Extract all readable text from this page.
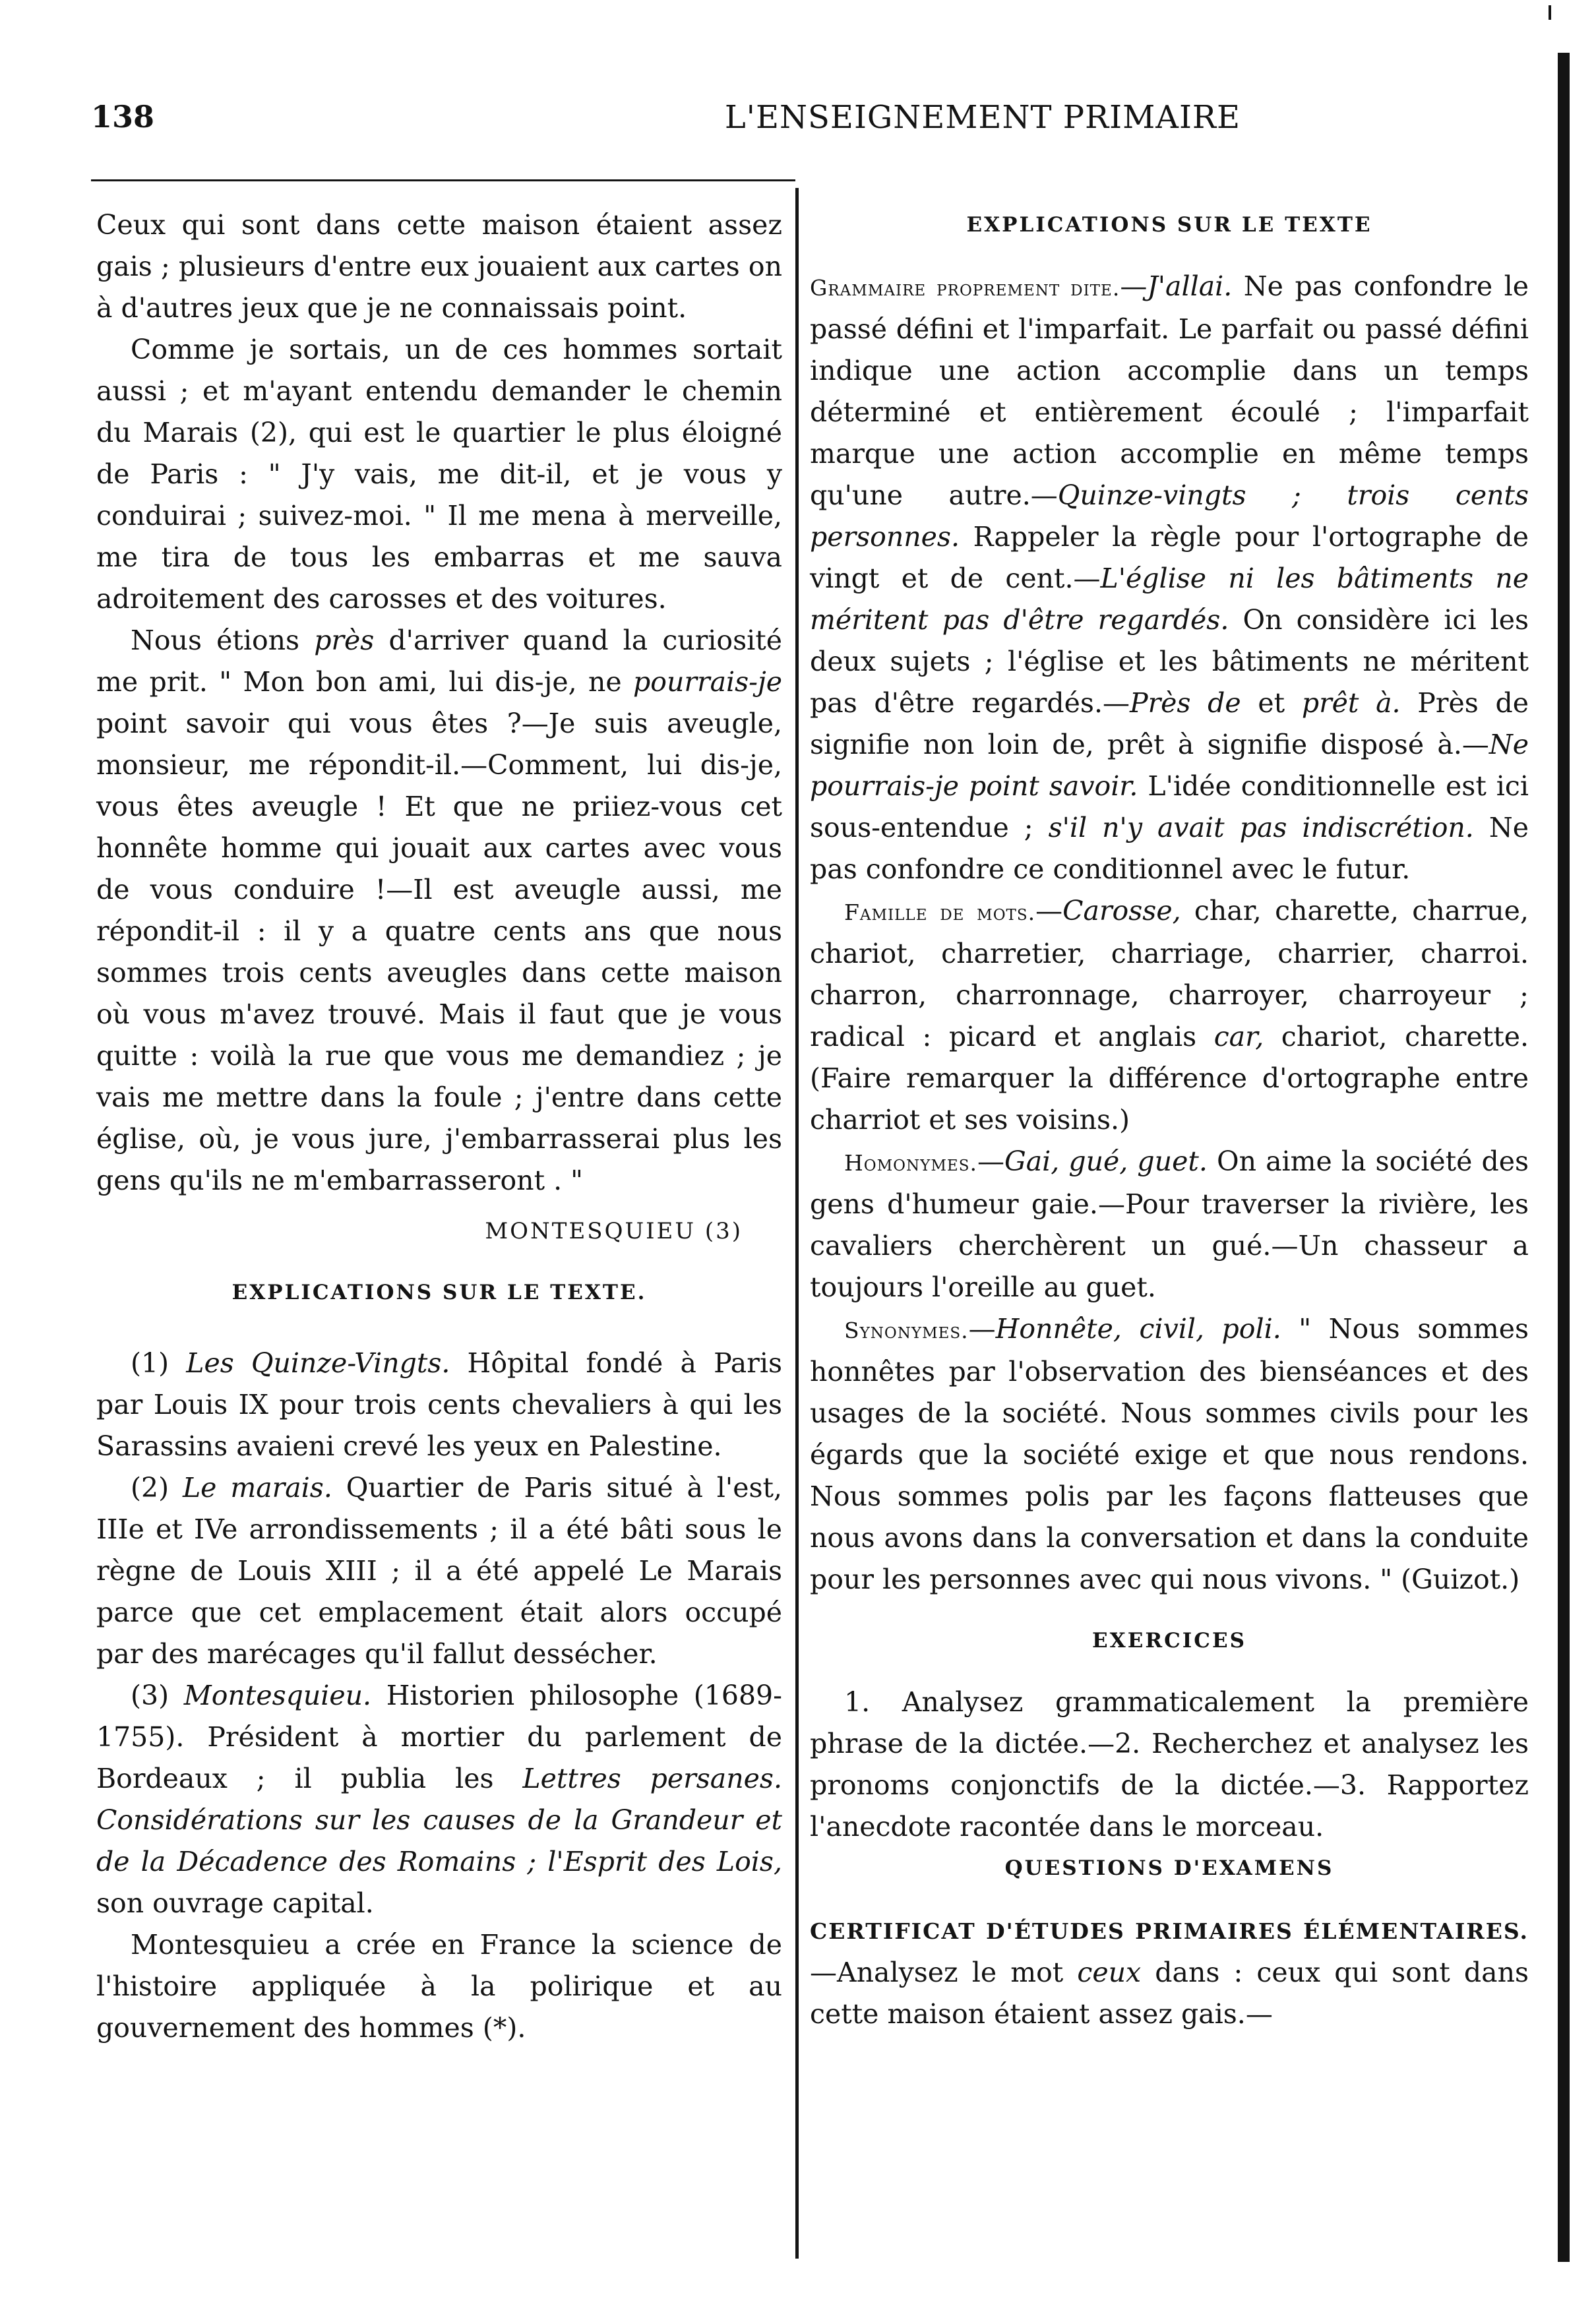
138	L'ENSEIGNEMENT PRIMAIRE

Ceux qui sont dans cette maison étaient assez gais ; plusieurs d'entre eux jouaient aux cartes on à d'autres jeux que je ne connaissais point.

Comme je sortais, un de ces hommes sortait aussi ; et m'ayant entendu demander le chemin du Marais (2), qui est le quartier le plus éloigné de Paris : " J'y vais, me dit-il, et je vous y conduirai ; suivez-moi. " Il me mena à merveille, me tira de tous les embarras et me sauva adroitement des carosses et des voitures.

Nous étions près d'arriver quand la curiosité me prit. " Mon bon ami, lui dis-je, ne pourrais-je point savoir qui vous êtes ?—Je suis aveugle, monsieur, me répondit-il.—Comment, lui dis-je, vous êtes aveugle ! Et que ne priiez-vous cet honnête homme qui jouait aux cartes avec vous de vous conduire !—Il est aveugle aussi, me répondit-il : il y a quatre cents ans que nous sommes trois cents aveugles dans cette maison où vous m'avez trouvé. Mais il faut que je vous quitte : voilà la rue que vous me demandiez ; je vais me mettre dans la foule ; j'entre dans cette église, où, je vous jure, j'embarrasserai plus les gens qu'ils ne m'embarrasseront . "

MONTESQUIEU (3)

EXPLICATIONS SUR LE TEXTE.

(1) Les Quinze-Vingts. Hôpital fondé à Paris par Louis IX pour trois cents chevaliers à qui les Sarassins avaieni crevé les yeux en Palestine.

(2) Le marais. Quartier de Paris situé à l'est, IIIe et IVe arrondissements ; il a été bâti sous le règne de Louis XIII ; il a été appelé Le Marais parce que cet emplacement était alors occupé par des marécages qu'il fallut dessécher.

(3) Montesquieu. Historien philosophe (1689-1755). Président à mortier du parlement de Bordeaux ; il publia les Lettres persanes. Considérations sur les causes de la Grandeur et de la Décadence des Romains ; l'Esprit des Lois, son ouvrage capital.

Montesquieu a crée en France la science de l'histoire appliquée à la polirique et au gouvernement des hommes (*).

EXPLICATIONS SUR LE TEXTE

Grammaire proprement dite.—J'allai. Ne pas confondre le passé défini et l'imparfait. Le parfait ou passé défini indique une action accomplie dans un temps déterminé et entièrement écoulé ; l'imparfait marque une action accomplie en même temps qu'une autre.—Quinze-vingts ; trois cents personnes. Rappeler la règle pour l'ortographe de vingt et de cent.—L'église ni les bâtiments ne méritent pas d'être regardés. On considère ici les deux sujets ; l'église et les bâtiments ne méritent pas d'être regardés.—Près de et prêt à. Près de signifie non loin de, prêt à signifie disposé à.—Ne pourrais-je point savoir. L'idée conditionnelle est ici sous-entendue ; s'il n'y avait pas indiscrétion. Ne pas confondre ce conditionnel avec le futur.

Famille de mots.—Carosse, char, charette, charrue, chariot, charretier, charriage, charrier, charroi. charron, charronnage, charroyer, charroyeur ; radical : picard et anglais car, chariot, charette. (Faire remarquer la différence d'ortographe entre charriot et ses voisins.)

Homonymes.—Gai, gué, guet. On aime la société des gens d'humeur gaie.—Pour traverser la rivière, les cavaliers cherchèrent un gué.—Un chasseur a toujours l'oreille au guet.

Synonymes.—Honnête, civil, poli. " Nous sommes honnêtes par l'observation des bienséances et des usages de la société. Nous sommes civils pour les égards que la société exige et que nous rendons. Nous sommes polis par les façons flatteuses que nous avons dans la conversation et dans la conduite pour les personnes avec qui nous vivons. " (Guizot.)

EXERCICES

1. Analysez grammaticalement la première phrase de la dictée.—2. Recherchez et analysez les pronoms conjonctifs de la dictée.—3. Rapportez l'anecdote racontée dans le morceau.

QUESTIONS D'EXAMENS

CERTIFICAT D'ÉTUDES PRIMAIRES ÉLÉMENTAIRES.—Analysez le mot ceux dans : ceux qui sont dans cette maison étaient assez gais.—
